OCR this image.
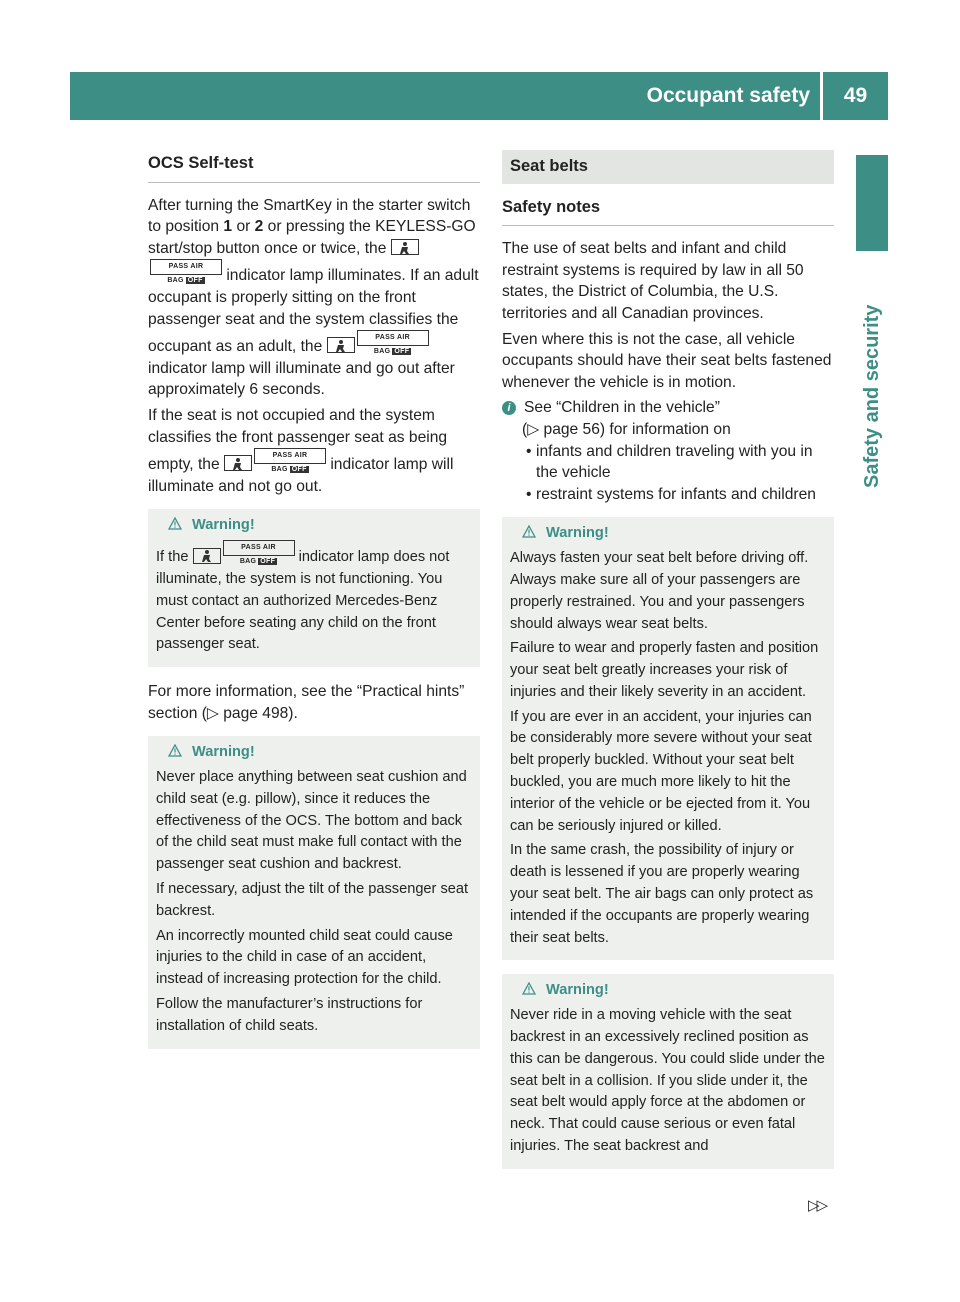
Occupant safety	49
Safety and security
OCS Self-test

After turning the SmartKey in the starter switch to position 1 or 2 or pressing the KEYLESS-GO start/stop button once or twice, the PASS AIR BAG OFF indicator lamp illuminates. If an adult occupant is properly sitting on the front passenger seat and the system classifies the occupant as an adult, the PASS AIR BAG OFF indicator lamp will illuminate and go out after approximately 6 seconds.

If the seat is not occupied and the system classifies the front passenger seat as being empty, the PASS AIR BAG OFF indicator lamp will illuminate and not go out.

Warning!

If the PASS AIR BAG OFF indicator lamp does not illuminate, the system is not functioning. You must contact an authorized Mercedes-Benz Center before seating any child on the front passenger seat.

For more information, see the “Practical hints” section (▷ page 498).

Warning!

Never place anything between seat cushion and child seat (e.g. pillow), since it reduces the effectiveness of the OCS. The bottom and back of the child seat must make full contact with the passenger seat cushion and backrest.

If necessary, adjust the tilt of the passenger seat backrest.

An incorrectly mounted child seat could cause injuries to the child in case of an accident, instead of increasing protection for the child.

Follow the manufacturer’s instructions for installation of child seats.

Seat belts
Safety notes

The use of seat belts and infant and child restraint systems is required by law in all 50 states, the District of Columbia, the U.S. territories and all Canadian provinces.

Even where this is not the case, all vehicle occupants should have their seat belts fastened whenever the vehicle is in motion.

i See “Children in the vehicle”
(▷ page 56) for information on
• infants and children traveling with you in the vehicle
• restraint systems for infants and children
Warning!

Always fasten your seat belt before driving off. Always make sure all of your passengers are properly restrained. You and your passengers should always wear seat belts.

Failure to wear and properly fasten and position your seat belt greatly increases your risk of injuries and their likely severity in an accident.

If you are ever in an accident, your injuries can be considerably more severe without your seat belt properly buckled. Without your seat belt buckled, you are much more likely to hit the interior of the vehicle or be ejected from it. You can be seriously injured or killed.

In the same crash, the possibility of injury or death is lessened if you are properly wearing your seat belt. The air bags can only protect as intended if the occupants are properly wearing their seat belts.

Warning!

Never ride in a moving vehicle with the seat backrest in an excessively reclined position as this can be dangerous. You could slide under the seat belt in a collision. If you slide under it, the seat belt would apply force at the abdomen or neck. That could cause serious or even fatal injuries. The seat backrest and

▷▷
